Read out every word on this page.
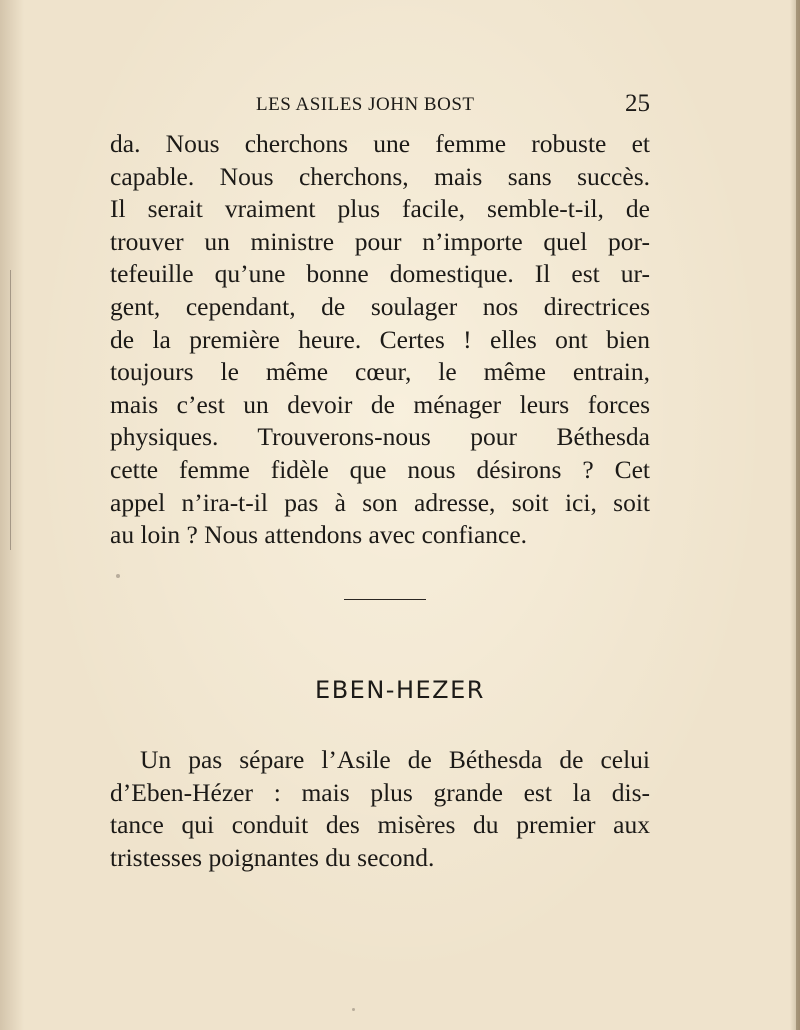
LES ASILES JOHN BOST	25
da. Nous cherchons une femme robuste et
capable. Nous cherchons, mais sans succès.
Il serait vraiment plus facile, semble-t-il, de
trouver un ministre pour n’importe quel por-
tefeuille qu’une bonne domestique. Il est ur-
gent, cependant, de soulager nos directrices
de la première heure. Certes ! elles ont bien
toujours le même cœur, le même entrain,
mais c’est un devoir de ménager leurs forces
physiques. Trouverons-nous pour Béthesda
cette femme fidèle que nous désirons ? Cet
appel n’ira-t-il pas à son adresse, soit ici, soit
au loin ? Nous attendons avec confiance.
EBEN-HEZER
Un pas sépare l’Asile de Béthesda de celui
d’Eben-Hézer : mais plus grande est la dis-
tance qui conduit des misères du premier aux
tristesses poignantes du second.
